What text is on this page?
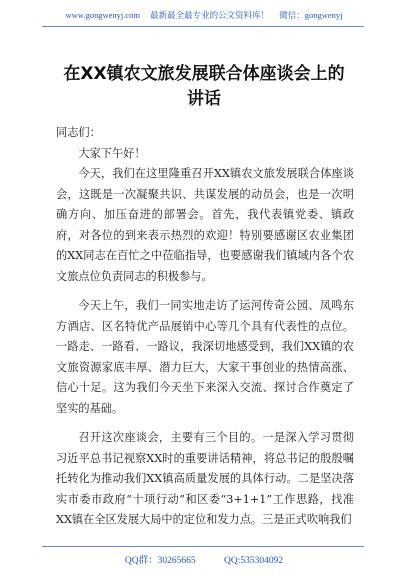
www.gongwenyj.com 最新最全最专业的公文资料库！ 微信：gongwenyj
在XX镇农文旅发展联合体座谈会上的讲话

同志们：

大家下午好！

今天，我们在这里隆重召开XX镇农文旅发展联合体座谈会，这既是一次凝聚共识、共谋发展的动员会，也是一次明确方向、加压奋进的部署会。首先，我代表镇党委、镇政府，对各位的到来表示热烈的欢迎！特别要感谢区农业集团的XX同志在百忙之中莅临指导，也要感谢我们镇域内各个农文旅点位负责同志的积极参与。

今天上午，我们一同实地走访了运河传奇公园、凤鸣东方酒店、区名特优产品展销中心等几个具有代表性的点位。一路走、一路看、一路议，我深切地感受到，我们XX镇的农文旅资源家底丰厚、潜力巨大，大家干事创业的热情高涨、信心十足。这为我们今天坐下来深入交流、探讨合作奠定了坚实的基础。

召开这次座谈会，主要有三个目的。一是深入学习贯彻习近平总书记视察XX时的重要讲话精神，将总书记的殷殷嘱托转化为推动我们XX镇高质量发展的具体行动。二是坚决落实市委市政府“十项行动”和区委“3+1+1”工作思路，找准XX镇在全区发展大局中的定位和发力点。三是正式吹响我们

QQ群：30265665	QQ:535304092
